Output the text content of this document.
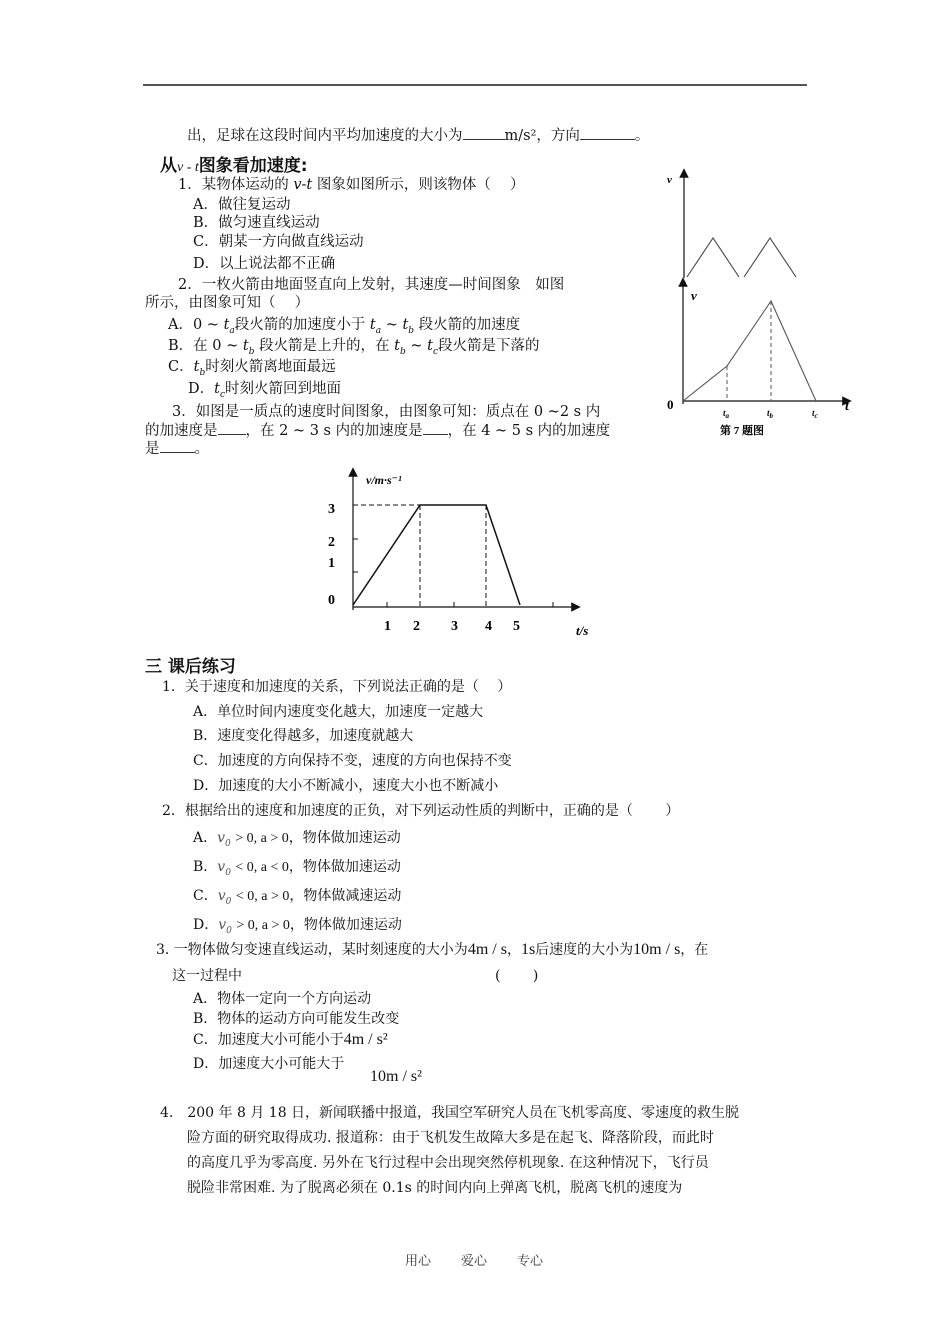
出，足球在这段时间内平均加速度的大小为	m/s²，方向	。
从v - t图象看加速度:
1．某物体运动的 v-t 图象如图所示，则该物体（　 ）
A．做往复运动
B．做匀速直线运动
C．朝某一方向做直线运动
D．以上说法都不正确
2．一枚火箭由地面竖直向上发射，其速度—时间图象　如图
所示，由图象可知（　 ）
A．0 ~ $t_a$段火箭的加速度小于 $t_a$ ~ $t_b$ 段火箭的加速度
B．在 0 ~ $t_b$ 段火箭是上升的，在 $t_b$ ~ $t_c$段火箭是下落的
C．$t_b$时刻火箭离地面最远
D．$t_c$时刻火箭回到地面
3．如图是一质点的速度时间图象，由图象可知：质点在 0 ~2 s 内
的加速度是 ，在 2 ~ 3 s 内的加速度是 ，在 4 ~ 5 s 内的加速度
是 。
v
v
t
0
$t_a$	$t_b$	$t_c$
第 7 题图
v/m·s⁻¹
t/s
3
2
1
0
1 2 3 4 5
三 课后练习
1．关于速度和加速度的关系，下列说法正确的是（　 ）
A．单位时间内速度变化越大，加速度一定越大
B．速度变化得越多，加速度就越大
C．加速度的方向保持不变，速度的方向也保持不变
D．加速度的大小不断减小，速度大小也不断减小
2．根据给出的速度和加速度的正负，对下列运动性质的判断中，正确的是（　　 ）
A．$v_0 > 0$, a > 0，物体做加速运动
B．$v_0 < 0$, a < 0，物体做加速运动
C．$v_0 < 0$, a > 0，物体做减速运动
D．$v_0 > 0$, a > 0，物体做加速运动
3. 一物体做匀变速直线运动，某时刻速度的大小为4m / s，1s后速度的大小为10m / s，在
这一过程中	(　　 )
A．物体一定向一个方向运动
B．物体的运动方向可能发生改变
C．加速度大小可能小于4m / s²
D．加速度大小可能大于
10m / s²
4.　200 年 8 月 18 日，新闻联播中报道，我国空军研究人员在飞机零高度、零速度的救生脱
险方面的研究取得成功. 报道称：由于飞机发生故障大多是在起飞、降落阶段，而此时
的高度几乎为零高度. 另外在飞行过程中会出现突然停机现象. 在这种情况下，飞行员
脱险非常困难. 为了脱离必须在 0.1s 的时间内向上弹离飞机，脱离飞机的速度为
用心 爱心 专心
